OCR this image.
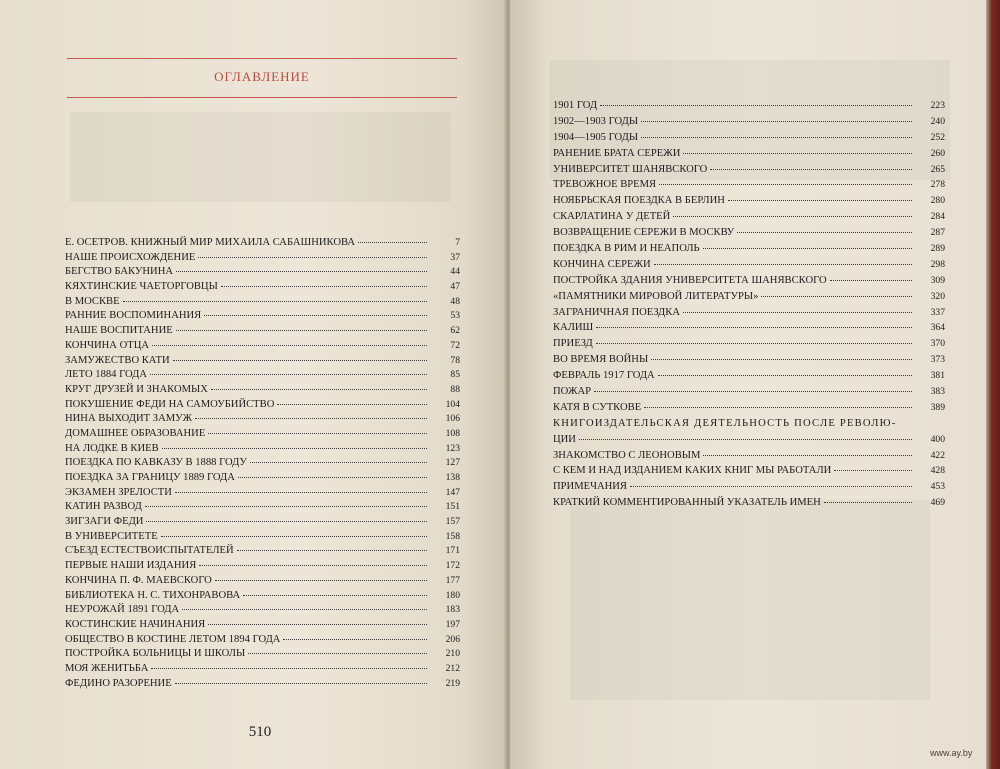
ОГЛАВЛЕНИЕ
Е. ОСЕТРОВ. КНИЖНЫЙ МИР МИХАИЛА САБАШНИКОВА	7
НАШЕ ПРОИСХОЖДЕНИЕ	37
БЕГСТВО БАКУНИНА	44
КЯХТИНСКИЕ ЧАЕТОРГОВЦЫ	47
В МОСКВЕ	48
РАННИЕ ВОСПОМИНАНИЯ	53
НАШЕ ВОСПИТАНИЕ	62
КОНЧИНА ОТЦА	72
ЗАМУЖЕСТВО КАТИ	78
ЛЕТО 1884 ГОДА	85
КРУГ ДРУЗЕЙ И ЗНАКОМЫХ	88
ПОКУШЕНИЕ ФЕДИ НА САМОУБИЙСТВО	104
НИНА ВЫХОДИТ ЗАМУЖ	106
ДОМАШНЕЕ ОБРАЗОВАНИЕ	108
НА ЛОДКЕ В КИЕВ	123
ПОЕЗДКА ПО КАВКАЗУ В 1888 ГОДУ	127
ПОЕЗДКА ЗА ГРАНИЦУ 1889 ГОДА	138
ЭКЗАМЕН ЗРЕЛОСТИ	147
КАТИН РАЗВОД	151
ЗИГЗАГИ ФЕДИ	157
В УНИВЕРСИТЕТЕ	158
СЪЕЗД ЕСТЕСТВОИСПЫТАТЕЛЕЙ	171
ПЕРВЫЕ НАШИ ИЗДАНИЯ	172
КОНЧИНА П. Ф. МАЕВСКОГО	177
БИБЛИОТЕКА Н. С. ТИХОНРАВОВА	180
НЕУРОЖАЙ 1891 ГОДА	183
КОСТИНСКИЕ НАЧИНАНИЯ	197
ОБЩЕСТВО В КОСТИНЕ ЛЕТОМ 1894 ГОДА	206
ПОСТРОЙКА БОЛЬНИЦЫ И ШКОЛЫ	210
МОЯ ЖЕНИТЬБА	212
ФЕДИНО РАЗОРЕНИЕ	219
510
1901 ГОД	223
1902—1903 ГОДЫ	240
1904—1905 ГОДЫ	252
РАНЕНИЕ БРАТА СЕРЕЖИ	260
УНИВЕРСИТЕТ ШАНЯВСКОГО	265
ТРЕВОЖНОЕ ВРЕМЯ	278
НОЯБРЬСКАЯ ПОЕЗДКА В БЕРЛИН	280
СКАРЛАТИНА У ДЕТЕЙ	284
ВОЗВРАЩЕНИЕ СЕРЕЖИ В МОСКВУ	287
ПОЕЗДКА В РИМ И НЕАПОЛЬ	289
КОНЧИНА СЕРЕЖИ	298
ПОСТРОЙКА ЗДАНИЯ УНИВЕРСИТЕТА ШАНЯВСКОГО	309
«ПАМЯТНИКИ МИРОВОЙ ЛИТЕРАТУРЫ»	320
ЗАГРАНИЧНАЯ ПОЕЗДКА	337
КАЛИШ	364
ПРИЕЗД	370
ВО ВРЕМЯ ВОЙНЫ	373
ФЕВРАЛЬ 1917 ГОДА	381
ПОЖАР	383
КАТЯ В СУТКОВЕ	389
КНИГОИЗДАТЕЛЬСКАЯ ДЕЯТЕЛЬНОСТЬ ПОСЛЕ РЕВОЛЮ-
ЦИИ	400
ЗНАКОМСТВО С ЛЕОНОВЫМ	422
С КЕМ И НАД ИЗДАНИЕМ КАКИХ КНИГ МЫ РАБОТАЛИ	428
ПРИМЕЧАНИЯ	453
КРАТКИЙ КОММЕНТИРОВАННЫЙ УКАЗАТЕЛЬ ИМЕН	469
www.ay.by
